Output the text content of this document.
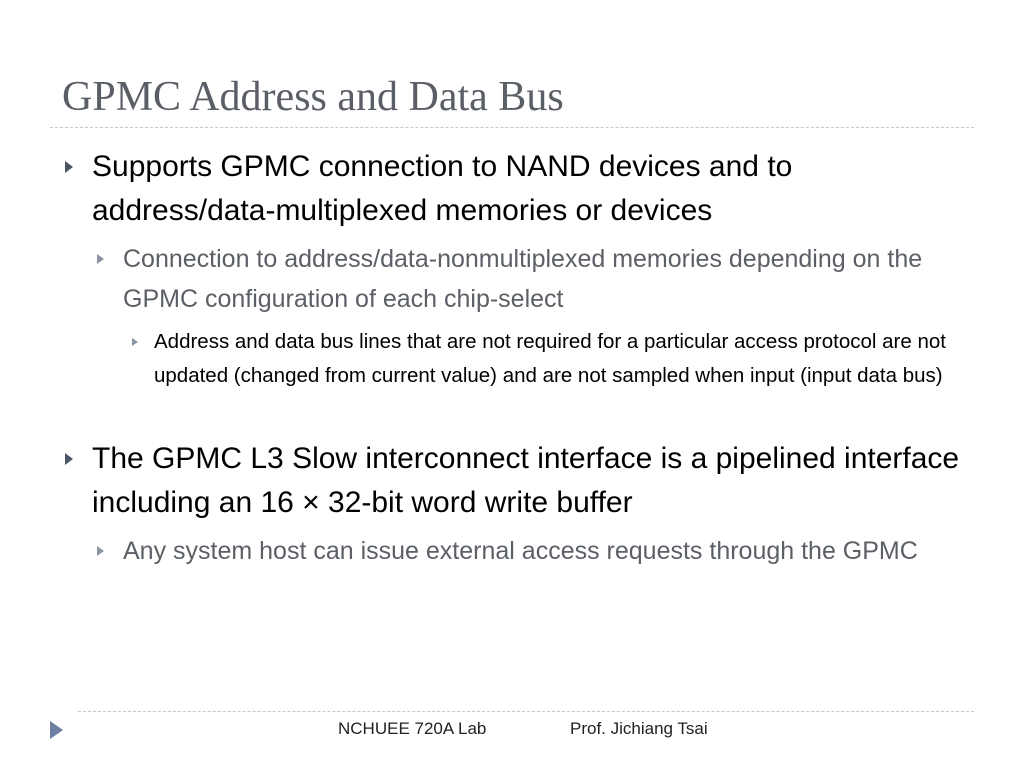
GPMC Address and Data Bus
Supports GPMC connection to NAND devices and to address/data-multiplexed memories or devices
Connection to address/data-nonmultiplexed memories depending on the GPMC configuration of each chip-select
Address and data bus lines that are not required for a particular access protocol are not updated (changed from current value) and are not sampled when input (input data bus)
The GPMC L3 Slow interconnect interface is a pipelined interface including an 16 × 32-bit word write buffer
Any system host can issue external access requests through the GPMC
NCHUEE 720A Lab	Prof. Jichiang Tsai
